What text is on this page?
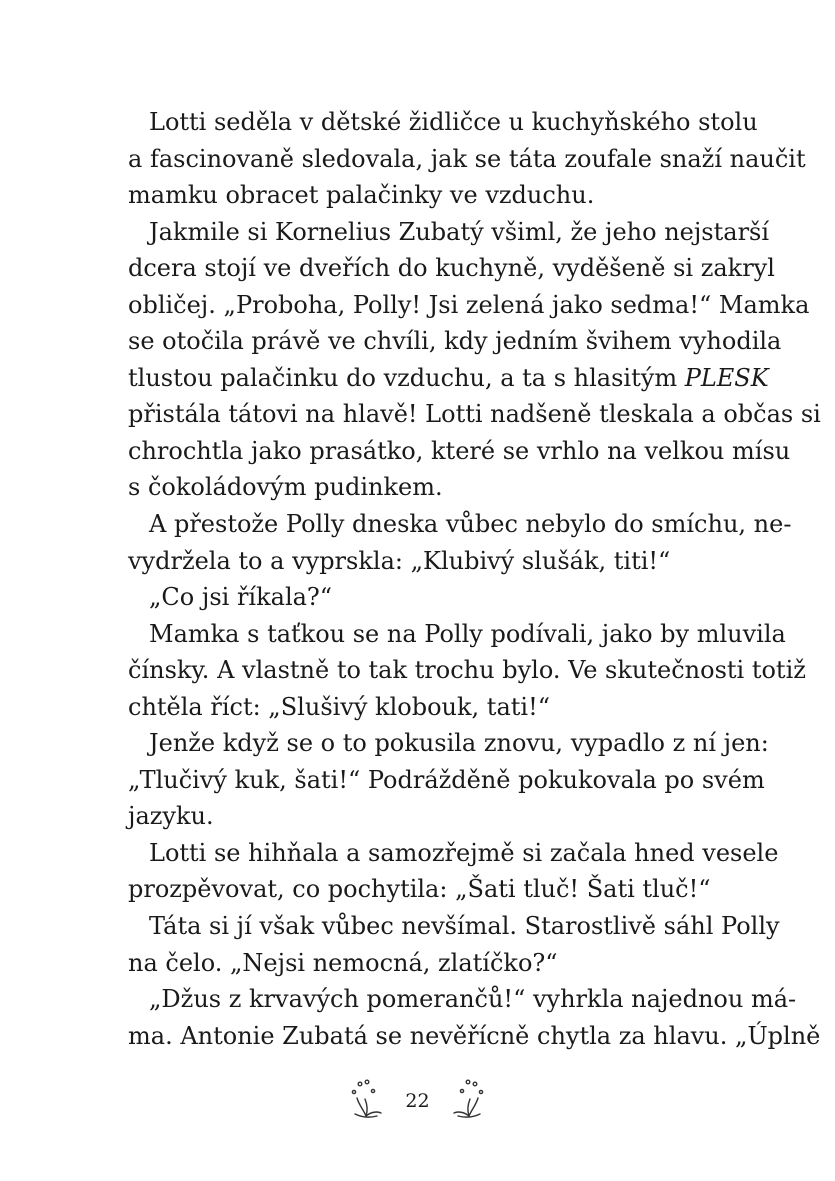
Lotti seděla v dětské židličce u kuchyňského stolu
a fascinovaně sledovala, jak se táta zoufale snaží naučit
mamku obracet palačinky ve vzduchu.
Jakmile si Kornelius Zubatý všiml, že jeho nejstarší
dcera stojí ve dveřích do kuchyně, vyděšeně si zakryl
obličej. „Proboha, Polly! Jsi zelená jako sedma!“ Mamka
se otočila právě ve chvíli, kdy jedním švihem vyhodila
tlustou palačinku do vzduchu, a ta s hlasitým PLESK
přistála tátovi na hlavě! Lotti nadšeně tleskala a občas si
chrochtla jako prasátko, které se vrhlo na velkou mísu
s čokoládovým pudinkem.
A přestože Polly dneska vůbec nebylo do smíchu, ne-
vydržela to a vyprskla: „Klubivý slušák, titi!“
„Co jsi říkala?“
Mamka s taťkou se na Polly podívali, jako by mluvila
čínsky. A vlastně to tak trochu bylo. Ve skutečnosti totiž
chtěla říct: „Slušivý klobouk, tati!“
Jenže když se o to pokusila znovu, vypadlo z ní jen:
„Tlučivý kuk, šati!“ Podrážděně pokukovala po svém
jazyku.
Lotti se hihňala a samozřejmě si začala hned vesele
prozpěvovat, co pochytila: „Šati tluč! Šati tluč!“
Táta si jí však vůbec nevšímal. Starostlivě sáhl Polly
na čelo. „Nejsi nemocná, zlatíčko?“
„Džus z krvavých pomerančů!“ vyhrkla najednou má-
ma. Antonie Zubatá se nevěřícně chytla za hlavu. „Úplně
22
